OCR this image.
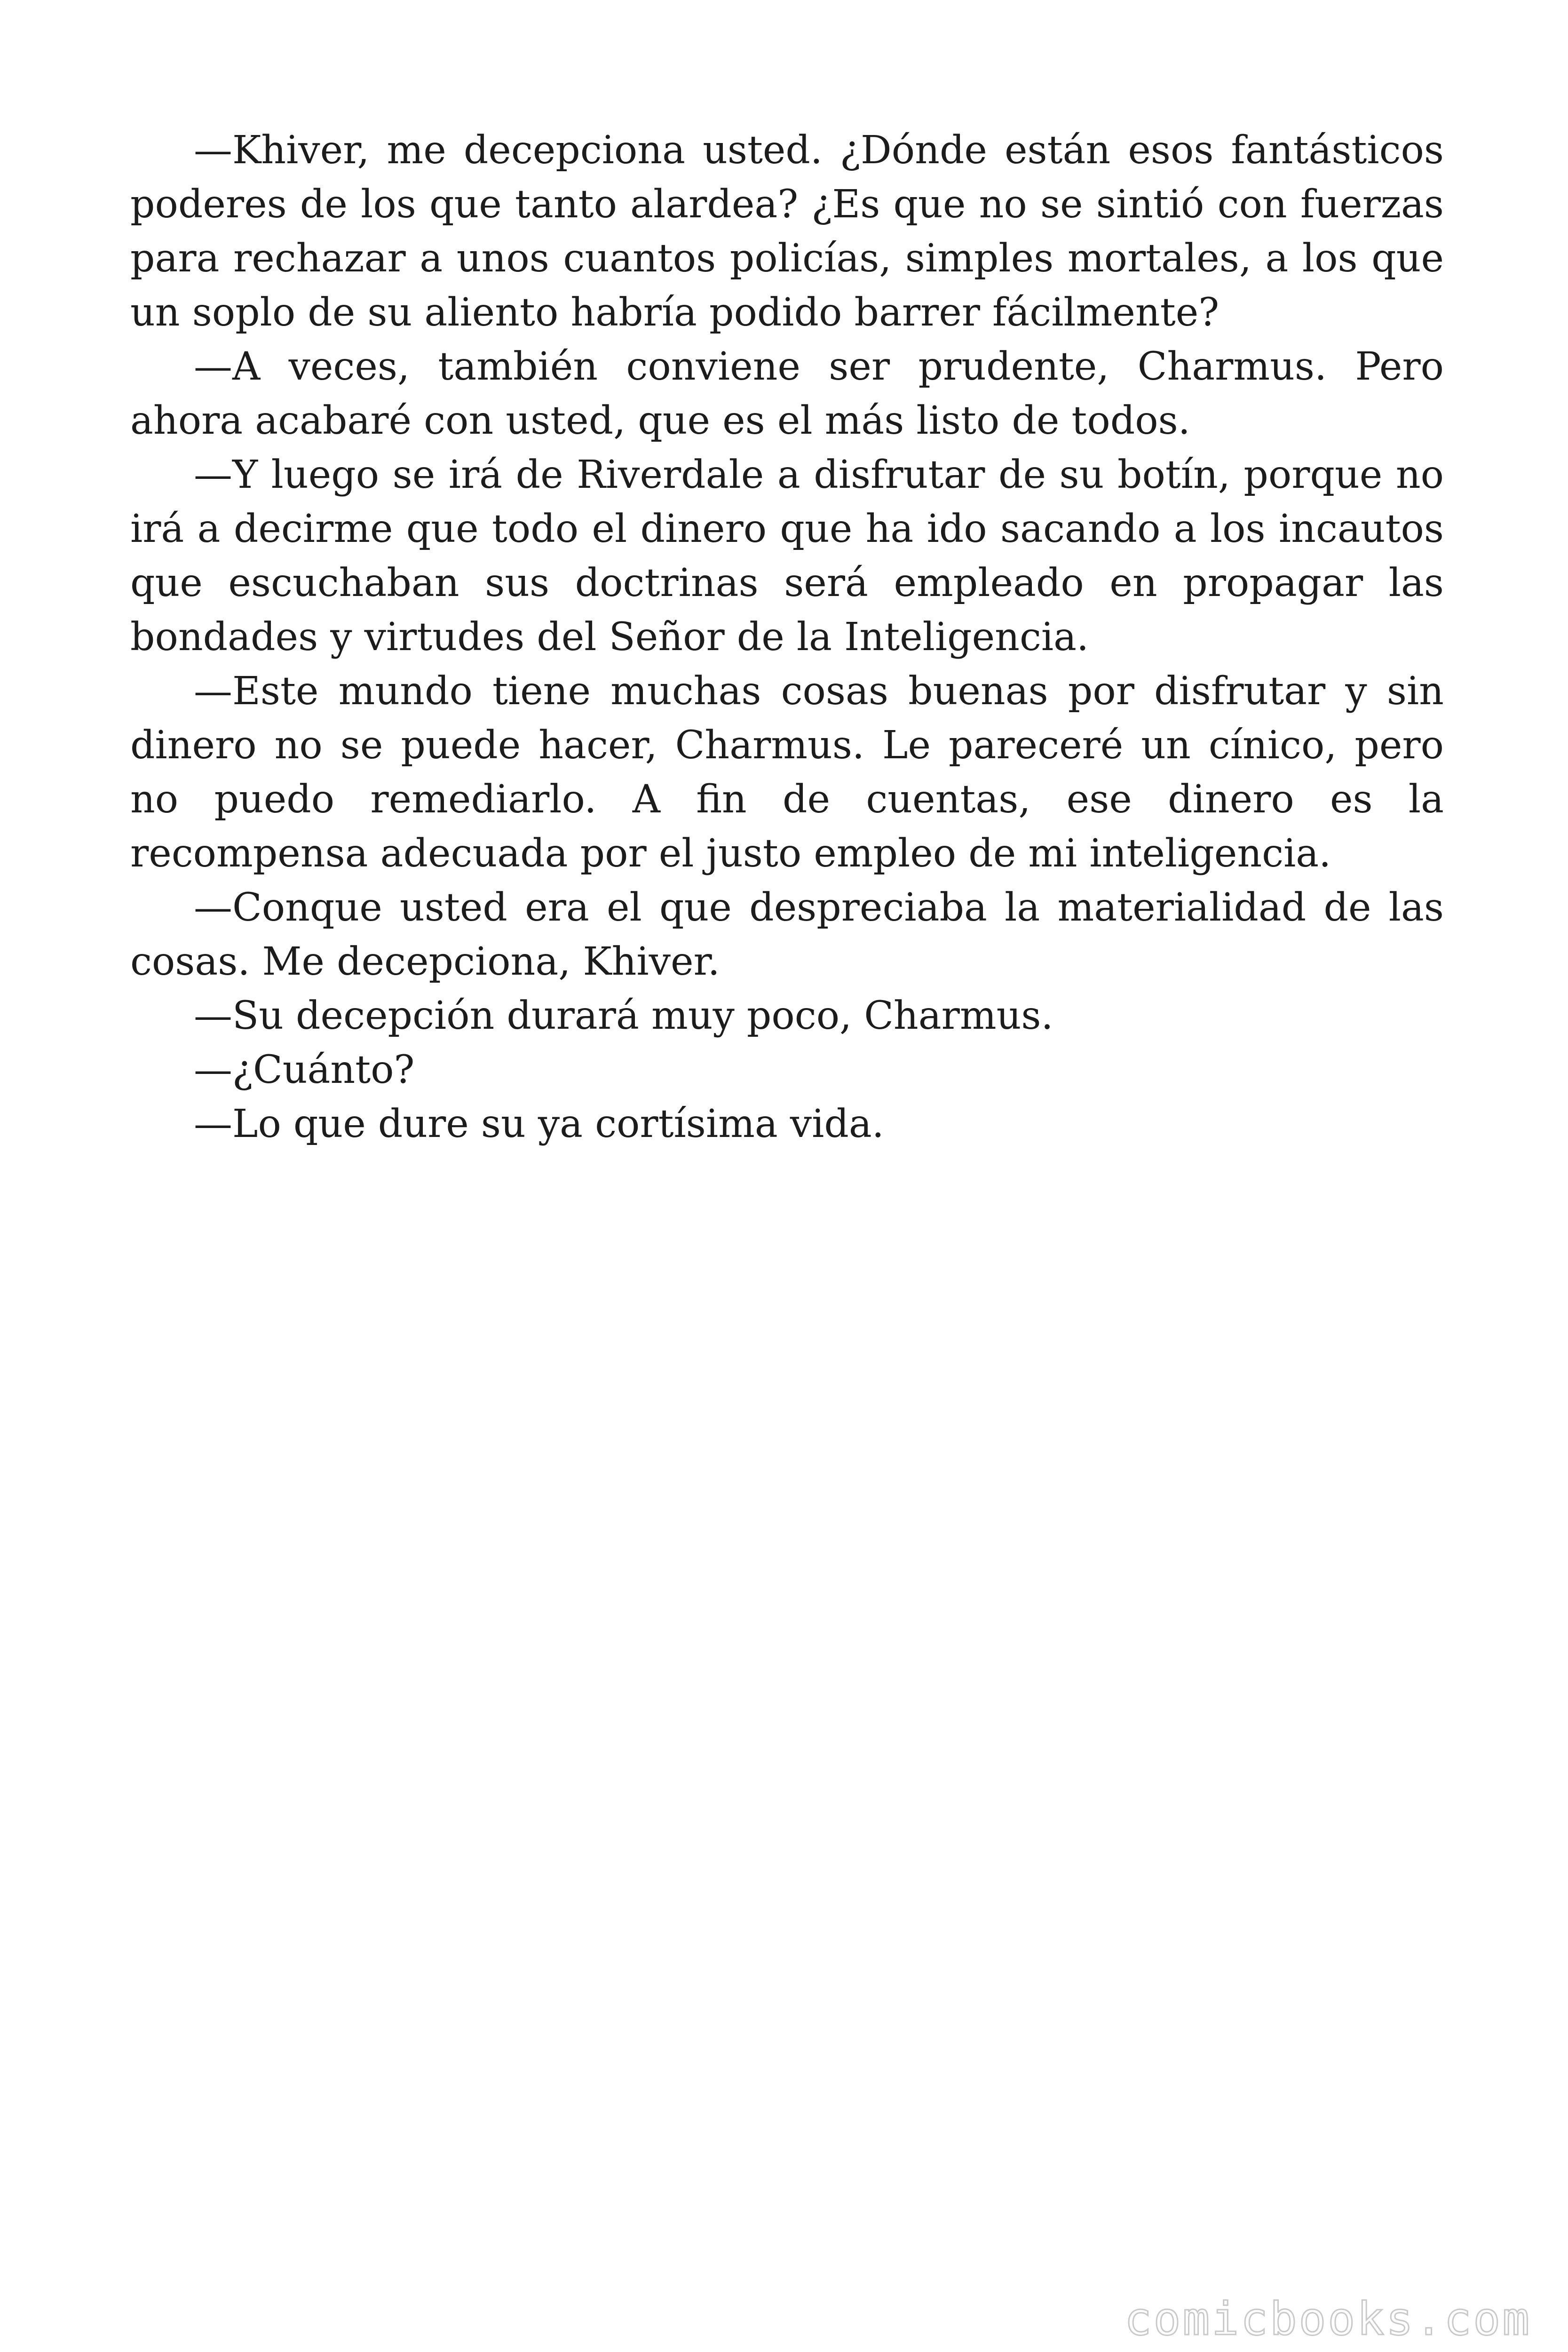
—Khiver, me decepciona usted. ¿Dónde están esos fantásticos poderes de los que tanto alardea? ¿Es que no se sintió con fuerzas para rechazar a unos cuantos policías, simples mortales, a los que un soplo de su aliento habría podido barrer fácilmente?

—A veces, también conviene ser prudente, Charmus. Pero ahora acabaré con usted, que es el más listo de todos.

—Y luego se irá de Riverdale a disfrutar de su botín, porque no irá a decirme que todo el dinero que ha ido sacando a los incautos que escuchaban sus doctrinas será empleado en propagar las bondades y virtudes del Señor de la Inteligencia.

—Este mundo tiene muchas cosas buenas por disfrutar y sin dinero no se puede hacer, Charmus. Le pareceré un cínico, pero no puedo remediarlo. A fin de cuentas, ese dinero es la recompensa adecuada por el justo empleo de mi inteligencia.

—Conque usted era el que despreciaba la materialidad de las cosas. Me decepciona, Khiver.

—Su decepción durará muy poco, Charmus.

—¿Cuánto?

—Lo que dure su ya cortísima vida.

comicbooks.com
